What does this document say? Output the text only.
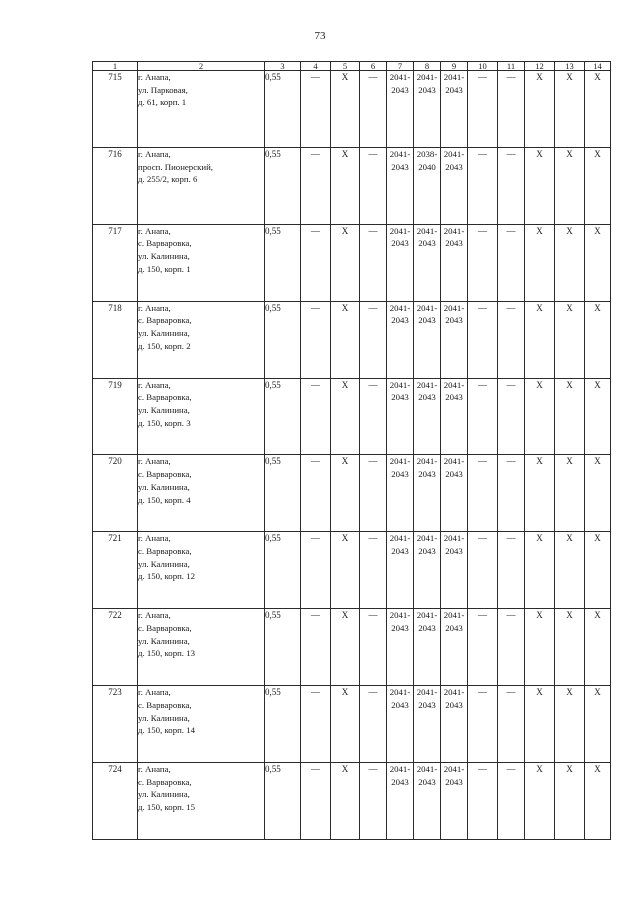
73
1	2	3	4	5	6	7	8	9	10	11	12	13	14
715	г. Анапа,
ул. Парковая,
д. 61, корп. 1	0,55	—	X	—	2041-
2043	2041-
2043	2041-
2043	—	—	X	X	X
716	г. Анапа,
просп. Пионерский,
д. 255/2, корп. 6	0,55	—	X	—	2041-
2043	2038-
2040	2041-
2043	—	—	X	X	X
717	г. Анапа,
с. Варваровка,
ул. Калинина,
д. 150, корп. 1	0,55	—	X	—	2041-
2043	2041-
2043	2041-
2043	—	—	X	X	X
718	г. Анапа,
с. Варваровка,
ул. Калинина,
д. 150, корп. 2	0,55	—	X	—	2041-
2043	2041-
2043	2041-
2043	—	—	X	X	X
719	г. Анапа,
с. Варваровка,
ул. Калинина,
д. 150, корп. 3	0,55	—	X	—	2041-
2043	2041-
2043	2041-
2043	—	—	X	X	X
720	г. Анапа,
с. Варваровка,
ул. Калинина,
д. 150, корп. 4	0,55	—	X	—	2041-
2043	2041-
2043	2041-
2043	—	—	X	X	X
721	г. Анапа,
с. Варваровка,
ул. Калинина,
д. 150, корп. 12	0,55	—	X	—	2041-
2043	2041-
2043	2041-
2043	—	—	X	X	X
722	г. Анапа,
с. Варваровка,
ул. Калинина,
д. 150, корп. 13	0,55	—	X	—	2041-
2043	2041-
2043	2041-
2043	—	—	X	X	X
723	г. Анапа,
с. Варваровка,
ул. Калинина,
д. 150, корп. 14	0,55	—	X	—	2041-
2043	2041-
2043	2041-
2043	—	—	X	X	X
724	г. Анапа,
с. Варваровка,
ул. Калинина,
д. 150, корп. 15	0,55	—	X	—	2041-
2043	2041-
2043	2041-
2043	—	—	X	X	X
